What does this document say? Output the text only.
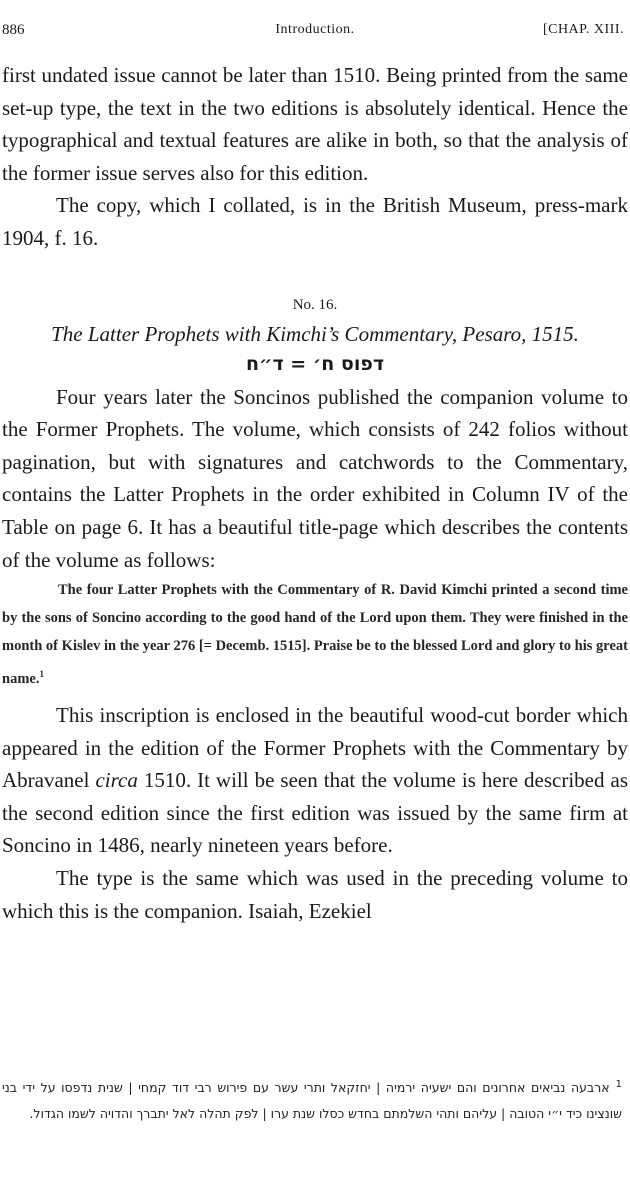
886	Introduction.	[CHAP. XIII.

first undated issue cannot be later than 1510. Being printed from the same set-up type, the text in the two editions is absolutely identical. Hence the typographical and textual features are alike in both, so that the analysis of the former issue serves also for this edition.

The copy, which I collated, is in the British Museum, press-mark 1904, f. 16.

No. 16.

The Latter Prophets with Kimchi’s Commentary, Pesaro, 1515.

דפוס ח׳ = ד״ח

Four years later the Soncinos published the companion volume to the Former Prophets. The volume, which consists of 242 folios without pagination, but with signatures and catchwords to the Commentary, contains the Latter Prophets in the order exhibited in Column IV of the Table on page 6. It has a beautiful title-page which describes the contents of the volume as follows:

The four Latter Prophets with the Commentary of R. David Kimchi printed a second time by the sons of Soncino according to the good hand of the Lord upon them. They were finished in the month of Kislev in the year 276 [= Decemb. 1515]. Praise be to the blessed Lord and glory to his great name.$^1$

This inscription is enclosed in the beautiful wood-cut border which appeared in the edition of the Former Prophets with the Commentary by Abravanel circa 1510. It will be seen that the volume is here described as the second edition since the first edition was issued by the same firm at Soncino in 1486, nearly nineteen years before.

The type is the same which was used in the preceding volume to which this is the companion. Isaiah, Ezekiel

$^1$ארבעה נביאים אחרונים והם ישעיה ירמיה | יחזקאל ותרי עשר עם פירוש רבי דוד קמחי | שנית נדפסו על ידי בני שונצינו כיד י״י הטובה | עליהם ותהי השלמתם בחדש כסלו שנת ערו | לפק תהלה לאל יתברך והדויה לשמו הגדול.
